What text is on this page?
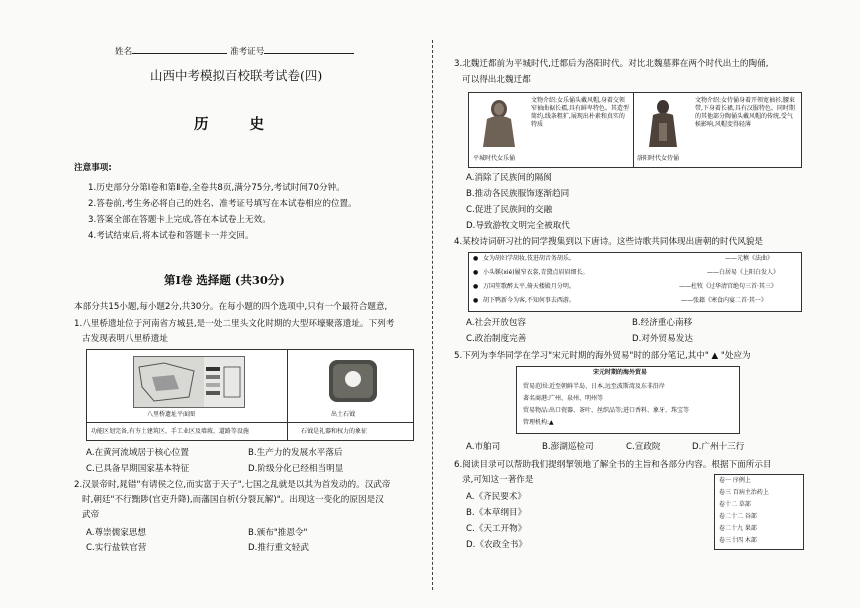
姓名	准考证号
山西中考模拟百校联考试卷(四)
历 史
注意事项:
1.历史部分分第Ⅰ卷和第Ⅱ卷,全卷共8页,满分75分,考试时间70分钟。
2.答卷前,考生务必将自己的姓名、准考证号填写在本试卷相应的位置。
3.答案全部在答题卡上完成,答在本试卷上无效。
4.考试结束后,将本试卷和答题卡一并交回。
第Ⅰ卷 选择题 (共30分)
本部分共15小题,每小题2分,共30分。在每小题的四个选项中,只有一个最符合题意,
1.八里桥遗址位于河南省方城县,是一处二里头文化时期的大型环壕聚落遗址。下列考
古发现表明八里桥遗址
八里桥遗址平面图	出土石钺
功能区划完备,有夯土建筑区、手工业区及墙坡、道路等设施	石钺是礼器和权力的象征
A.在黄河流域居于核心位置	B.生产力的发展水平落后
C.已具备早期国家基本特征	D.阶级分化已经相当明显
2.汉景帝时,晁错"有请侯之位,而实富于天子",七国之乱就是以其为首发动的。汉武帝
时,朝廷"不行黜陟(官吏升降),而藩国自析(分裂瓦解)"。出现这一变化的原因是汉
武帝
A.尊崇儒家思想	B.颁布"推恩令"
C.实行盐铁官营	D.推行重文轻武
3.北魏迁都前为平城时代,迁都后为洛阳时代。对比北魏墓葬在两个时代出土的陶俑,
可以得出北魏迁都
平城时代女乐俑
文物介绍:女乐俑头戴风帽,身着交领窄袖曲裾长襦,具有鲜卑特色。其造型简约,线条粗犷,展现出朴素和真实的特质
洛阳时代女侍俑
文物介绍:女侍俑身着开领宽袖衫,腰束带,下身着长裙,具有汉服特色。同时期的其他部分陶俑头戴风帽的传统,受气候影响,风帽変得轻薄
A.消除了民族间的隔阂
B.推动各民族服饰逐渐趋同
C.促进了民族间的交融
D.导致游牧文明完全被取代
4.某校诗词研习社的同学搜集到以下唐诗。这些诗歌共同体现出唐朝的时代风貌是
● 女为胡妇学胡妆,伎进胡音务胡乐。	——元稹《法曲》
● 小头鞵(xié)履窄衣裳,青黛点眉眉细长。	——白居易《上阳白发人》
● 万国笙歌醉太平,倚天楼殿月分明。	——杜牧《过华清宫绝句三首·其三》
● 胡下鸭新今为客,不知何事去西游。	——张籍《寒食内宴二首·其一》
A.社会开放包容	B.经济重心南移
C.政治制度完善	D.对外贸易发达
5.下列为李华同学在学习"宋元时期的海外贸易"时的部分笔记,其中" ▲ "处应为
宋元时期的海外贸易
贸易范围:近至朝鲜半岛、日本,远至波斯湾及东非沿岸
著名商港:广州、泉州、明州等
贸易物品:出口瓷器、茶叶、丝织品等;进口香料、象牙、珠宝等
管理机构:▲
A.市舶司	B.澎湖巡检司	C.宣政院	D.广州十三行
6.阅读目录可以帮助我们提纲挈领地了解全书的主旨和各部分内容。根据下面所示目
录,可知这一著作是
A.《齐民要术》
B.《本草纲目》
C.《天工开物》
D.《农政全书》
卷一 序例上
卷三 百病主治药上
卷十二 草部
卷二十二 谷部
卷二十九 果部
卷三十四 木部
